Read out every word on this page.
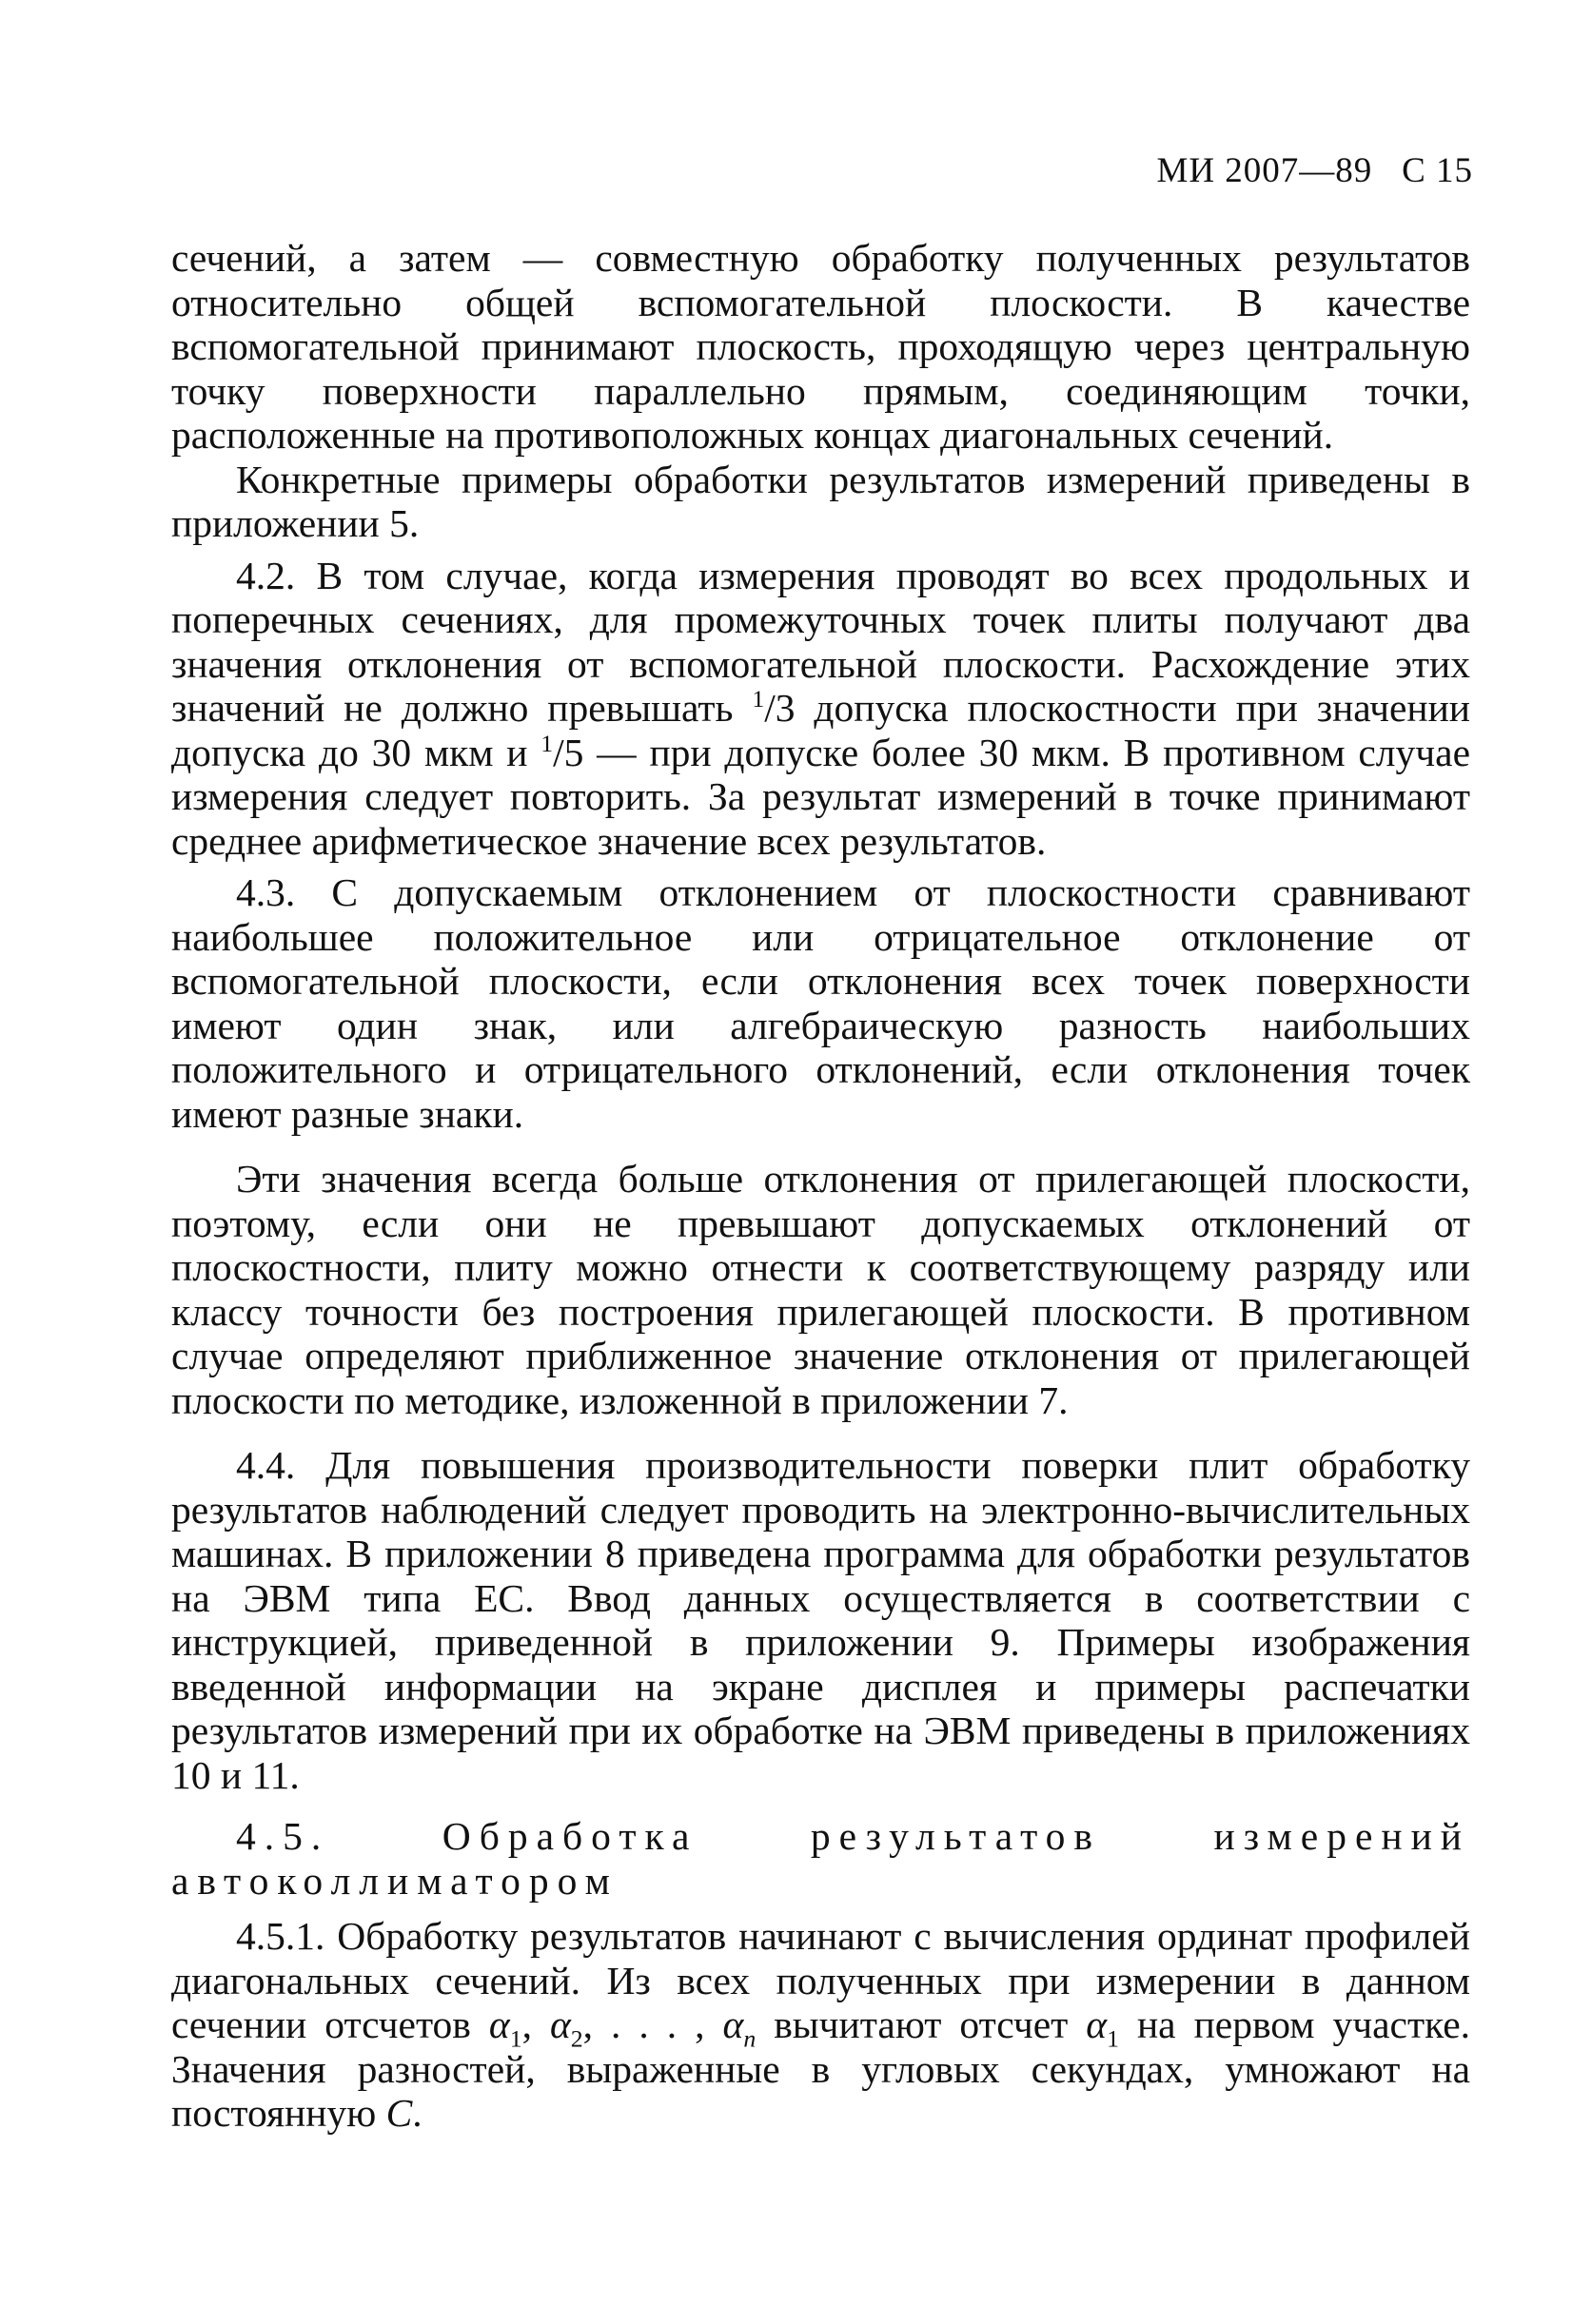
МИ 2007—89 С 15

сечений, а затем — совместную обработку полученных результатов относительно общей вспомогательной плоскости. В качестве вспомогательной принимают плоскость, проходящую через центральную точку поверхности параллельно прямым, соединяющим точки, расположенные на противоположных концах диагональных сечений.

Конкретные примеры обработки результатов измерений приведены в приложении 5.

4.2. В том случае, когда измерения проводят во всех продольных и поперечных сечениях, для промежуточных точек плиты получают два значения отклонения от вспомогательной плоскости. Расхождение этих значений не должно превышать $^1$/3 допуска плоскостности при значении допуска до 30 мкм и $^1$/5 — при допуске более 30 мкм. В противном случае измерения следует повторить. За результат измерений в точке принимают среднее арифметическое значение всех результатов.

4.3. С допускаемым отклонением от плоскостности сравнивают наибольшее положительное или отрицательное отклонение от вспомогательной плоскости, если отклонения всех точек поверхности имеют один знак, или алгебраическую разность наибольших положительного и отрицательного отклонений, если отклонения точек имеют разные знаки.

Эти значения всегда больше отклонения от прилегающей плоскости, поэтому, если они не превышают допускаемых отклонений от плоскостности, плиту можно отнести к соответствующему разряду или классу точности без построения прилегающей плоскости. В противном случае определяют приближенное значение отклонения от прилегающей плоскости по методике, изложенной в приложении 7.

4.4. Для повышения производительности поверки плит обработку результатов наблюдений следует проводить на электронно-вычислительных машинах. В приложении 8 приведена программа для обработки результатов на ЭВМ типа ЕС. Ввод данных осуществляется в соответствии с инструкцией, приведенной в приложении 9. Примеры изображения введенной информации на экране дисплея и примеры распечатки результатов измерений при их обработке на ЭВМ приведены в приложениях 10 и 11.

4.5. Обработка результатов измерений автоколлиматором

4.5.1. Обработку результатов начинают с вычисления ординат профилей диагональных сечений. Из всех полученных при измерении в данном сечении отсчетов $\alpha_1$, $\alpha_2$, . . . , $\alpha_n$ вычитают отсчет $\alpha_1$ на первом участке. Значения разностей, выраженные в угловых секундах, умножают на постоянную C.
